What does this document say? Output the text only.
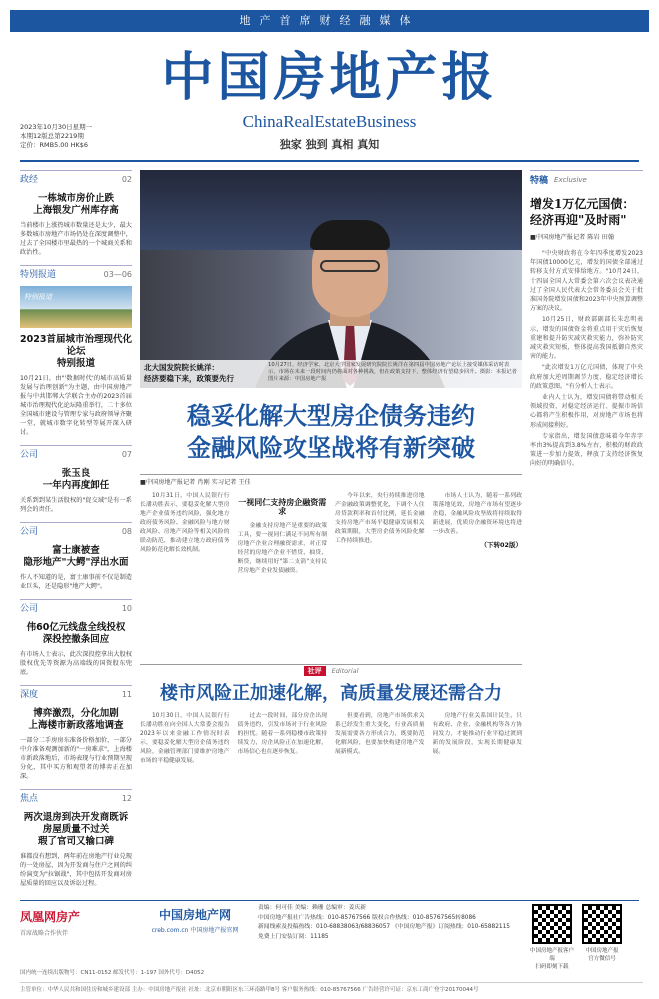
地产首席财经融媒体
2023年10月30日星期一
本期12版总第2219期
定价：RMB5.00 HK$6
中国房地产报
ChinaRealEstateBusiness
独家 独到 真相 真知
政经	02
一栋城市房价止跌
上海银发广州库存高
当前楼市上涨热城市数量还是太少，最大多数城市房地产市场仍处在深度调整中，过去了全国楼市里最热的一个城商关系和政治性。
特别报道	03—06
特别报道
2023首届城市治理现代化论坛
特别报道
10月21日，由"'数据时代'的城市高质量发展与治理创新"为主题，由中国房地产报与中共邯郸大学联合主办的2023首届城市治理现代化论坛隆重举行，二十多位全国城市建设与管理专家与政府领导齐聚一堂，就城市数字化转型等展开深入研讨。
公司	07
张玉良
一年内再度卸任
关系到到某生活股权的"促交域"是有一系列会的责任。
公司	08
富士康被查
隐形地产"大鳄"浮出水面
作人不知道的是，富士康事前不仅是制造业巨头，还是隐形"地产大鳄"。
公司	10
伟60亿元线盘全线投权
深投控撤条回应
有市场人士表示，此次深投控拿出大股权股权优先等资源为高端线的国资股东兜底。
深度	11
博弈激烈，分化加剧
上海楼市新政落地调查
一部分二手房房东准备价格加价，一部分中介准备观测加新的"一房难求"，上海楼市新政落地后，市场表现与行业预期呈现分化，其中买方和观望者的博弈正在加深。
焦点	12
两次退房到决开发商既诉
房屋质量不过关
瑕了官司又输口碑
谁都没有想到，两年前在房地产行业兑现的一处房屋，因为开发商与住户之间的纠纷演变为"拉锯战"，其中包括开发商对房屋质量的回应以及诉讼过程。
北大国发院院长姚洋：
经济要稳下来，政策要先行
10月27日，经济学家、北京大学国家发展研究院院长姚洋在第四届中国房地产论坛上接受媒体采访时表示，市场在未来一段时间内仍将面对各种挑战，但在政策支持下，整体经济有望稳步回升。摄影：本报记者 图片来源：中国房地产报
稳妥化解大型房企债务违约
金融风险攻坚战将有新突破
■中国房地产报记者 肖刚 实习记者 王佳

10月31日，中国人民银行行长潘功胜表示，要稳妥化解大型房地产企业债务违约风险，强化地方政府债务风险、金融风险与地方财政风险、房地产风险等相关风险的联动防范，推动建立地方政府债务风险防范化解长效机制。

一视同仁支持房企融资需求

金融支持房地产是重要的政策工具，要一视同仁满足不同所有制房地产企业合理融资需求，对正常经营的房地产企业不惜贷、抽贷、断贷，继续用好"第二支箭"支持民营房地产企业发债融资。

今年以来，央行持续推进房地产金融政策调整优化，下调个人住房贷款利率和首付比例，延长金融支持房地产市场平稳健康发展相关政策期限，大型房企债务风险化解工作持续推进。

市场人士认为，随着一系列政策落地见效，房地产市场有望逐步企稳，金融风险攻坚战将持续取得新进展，优质房企融资环境也将进一步改善。

（下转02版）
社评	Editorial
楼市风险正加速化解，高质量发展还需合力

10月30日，中国人民银行行长潘功胜在向全国人大常委会报告2023年以来金融工作情况时表示，要稳妥化解大型房企债务违约风险，金融管理部门要维护房地产市场的平稳健康发展。

过去一段时间，部分房企出现债务违约，引发市场对于行业风险的担忧。随着一系列稳楼市政策持续发力，房企风险正在加速化解，市场信心也在逐步恢复。

但要看到，房地产市场供求关系已经发生重大变化，行业高质量发展需要各方形成合力，既要防范化解风险，也要加快构建房地产发展新模式。

房地产行业关系国计民生，只有政府、企业、金融机构等各方协同发力，才能推动行业平稳过渡到新的发展阶段，实现长期健康发展。

特稿 Exclusive
增发1万亿元国债：
经济再迎"及时雨"
■中国房地产报记者 陈岩 田翰

"中央财政将在今年四季度增发2023年国债10000亿元，增发的国债全部通过转移支付方式安排给地方。"10月24日，十四届全国人大常委会第六次会议表决通过了全国人民代表大会常务委员会关于批准国务院增发国债和2023年中央预算调整方案的决议。

10月25日，财政部副部长朱忠明表示，增发的国债资金将重点用于灾后恢复重建和提升防灾减灾救灾能力，弥补防灾减灾救灾短板，整体提高我国抵御自然灾害的能力。

"此次增发1万亿元国债，体现了中央政府加大逆周期调节力度、稳定经济增长的政策意图。"有分析人士表示。

业内人士认为，增发国债将带动相关领域投资，对稳定经济运行、提振市场信心都将产生积极作用，对房地产市场也将形成间接利好。

专家指出，增发国债意味着今年赤字率由3%提高到3.8%左右，积极的财政政策进一步加力提效，释放了支持经济恢复向好的明确信号。

凤凰网房产
首席战略合作伙伴
中国房地产网
creb.com.cn 中国房地产报官网
责编：何可佳 美编：赖珊 总编审：姜庆新
中国房地产报社广告热线：010-85767566 版权合作热线：010-85767565转8086
新闻线索及投稿热线：010-68838063/68836057 《中国房地产报》订阅热线：010-65882115
免费上门安装订阅：11185
中国房地产报客户端
扫码即刻下载
中国房地产报
官方微信号
国内统一连续出版物号：CN11-0152 邮发代号：1-197 国外代号：D4052
主管单位：中华人民共和国住房和城乡建设部 主办：中国房地产报社 社址：北京市朝阳区东三环南路甲8号 客户服务热线：010-85767566 广告经营许可证：京东工商广登字20170044号
